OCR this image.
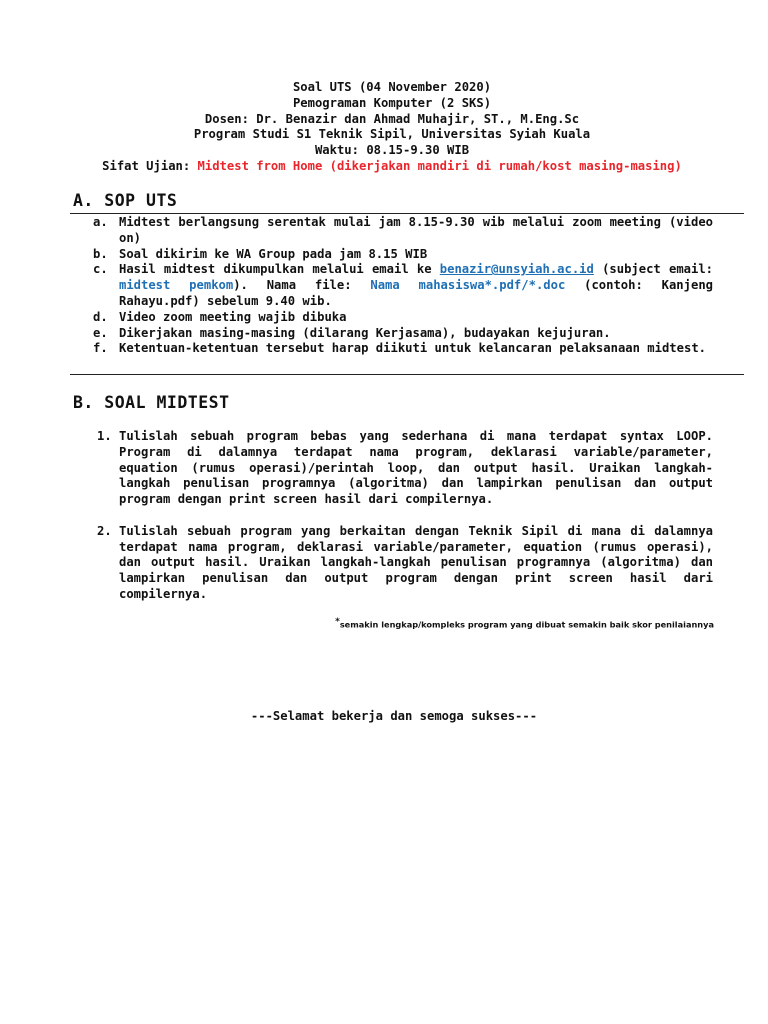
Soal UTS (04 November 2020)
Pemograman Komputer (2 SKS)
Dosen: Dr. Benazir dan Ahmad Muhajir, ST., M.Eng.Sc
Program Studi S1 Teknik Sipil, Universitas Syiah Kuala
Waktu: 08.15-9.30 WIB
Sifat Ujian: Midtest from Home (dikerjakan mandiri di rumah/kost masing-masing)
A. SOP UTS
a. Midtest berlangsung serentak mulai jam 8.15-9.30 wib melalui zoom meeting (video on)
b. Soal dikirim ke WA Group pada jam 8.15 WIB
c. Hasil midtest dikumpulkan melalui email ke benazir@unsyiah.ac.id (subject email: midtest pemkom). Nama file: Nama mahasiswa*.pdf/*.doc (contoh: Kanjeng Rahayu.pdf) sebelum 9.40 wib.
d. Video zoom meeting wajib dibuka
e. Dikerjakan masing-masing (dilarang Kerjasama), budayakan kejujuran.
f. Ketentuan-ketentuan tersebut harap diikuti untuk kelancaran pelaksanaan midtest.
B. SOAL MIDTEST
1. Tulislah sebuah program bebas yang sederhana di mana terdapat syntax LOOP. Program di dalamnya terdapat nama program, deklarasi variable/parameter, equation (rumus operasi)/perintah loop, dan output hasil. Uraikan langkah-langkah penulisan programnya (algoritma) dan lampirkan penulisan dan output program dengan print screen hasil dari compilernya.
2. Tulislah sebuah program yang berkaitan dengan Teknik Sipil di mana di dalamnya terdapat nama program, deklarasi variable/parameter, equation (rumus operasi), dan output hasil. Uraikan langkah-langkah penulisan programnya (algoritma) dan lampirkan penulisan dan output program dengan print screen hasil dari compilernya.
*semakin lengkap/kompleks program yang dibuat semakin baik skor penilaiannya
---Selamat bekerja dan semoga sukses---
